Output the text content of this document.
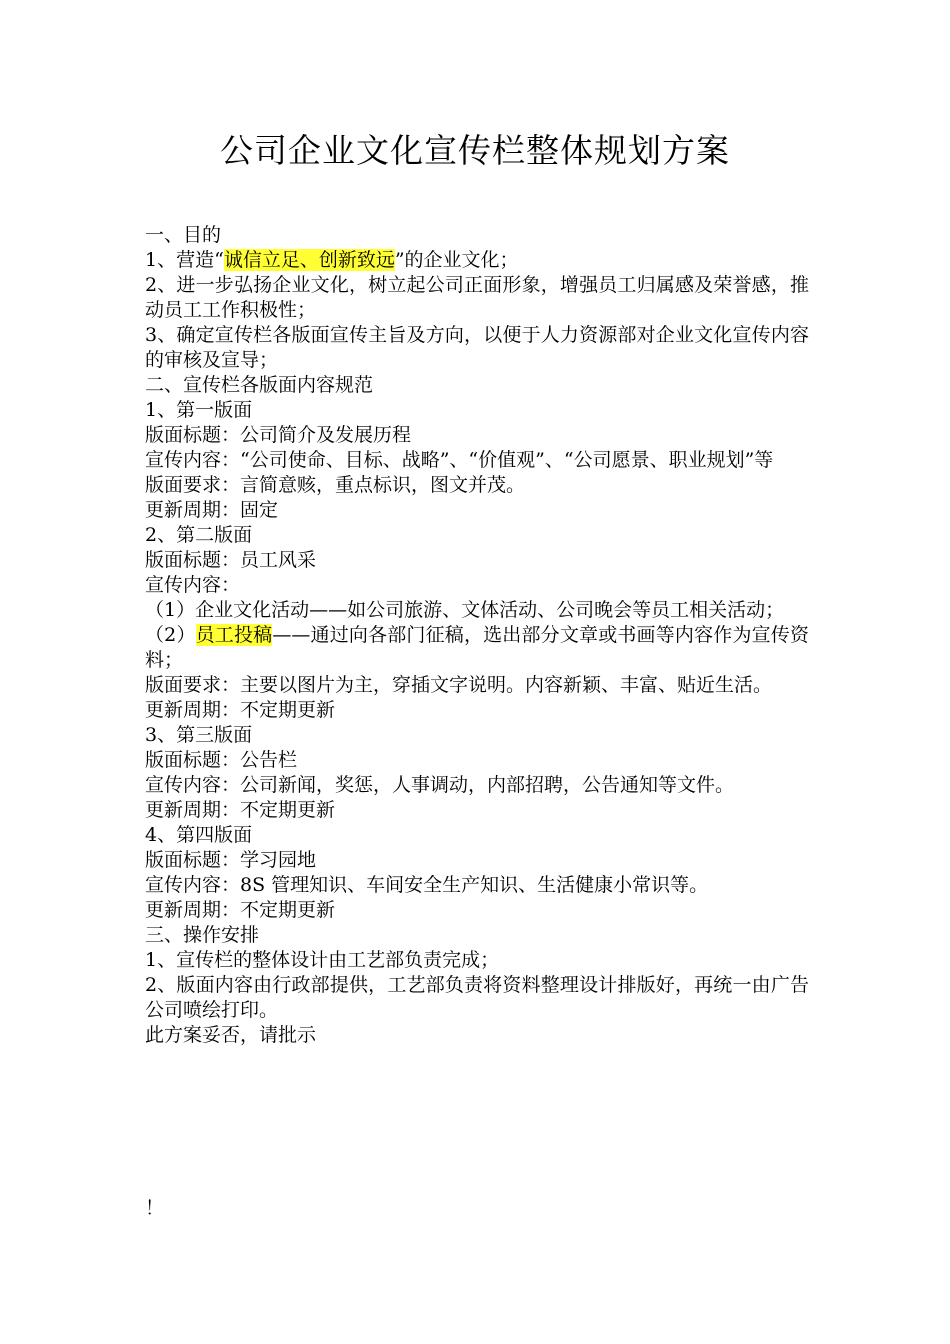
公司企业文化宣传栏整体规划方案

一、目的

1、营造“诚信立足、创新致远”的企业文化；

2、进一步弘扬企业文化，树立起公司正面形象，增强员工归属感及荣誉感，推动员工工作积极性；

3、确定宣传栏各版面宣传主旨及方向，以便于人力资源部对企业文化宣传内容的审核及宣导；

二、宣传栏各版面内容规范

1、第一版面

版面标题：公司简介及发展历程

宣传内容：“公司使命、目标、战略”、“价值观”、“公司愿景、职业规划”等

版面要求：言简意赅，重点标识，图文并茂。

更新周期：固定

2、第二版面

版面标题：员工风采

宣传内容：

（1）企业文化活动——如公司旅游、文体活动、公司晚会等员工相关活动；

（2）员工投稿——通过向各部门征稿，选出部分文章或书画等内容作为宣传资料；

版面要求：主要以图片为主，穿插文字说明。内容新颖、丰富、贴近生活。

更新周期：不定期更新

3、第三版面

版面标题：公告栏

宣传内容：公司新闻，奖惩，人事调动，内部招聘，公告通知等文件。

更新周期：不定期更新

4、第四版面

版面标题：学习园地

宣传内容：8S 管理知识、车间安全生产知识、生活健康小常识等。

更新周期：不定期更新

三、操作安排

1、宣传栏的整体设计由工艺部负责完成；

2、版面内容由行政部提供，工艺部负责将资料整理设计排版好，再统一由广告公司喷绘打印。

此方案妥否，请批示

！
